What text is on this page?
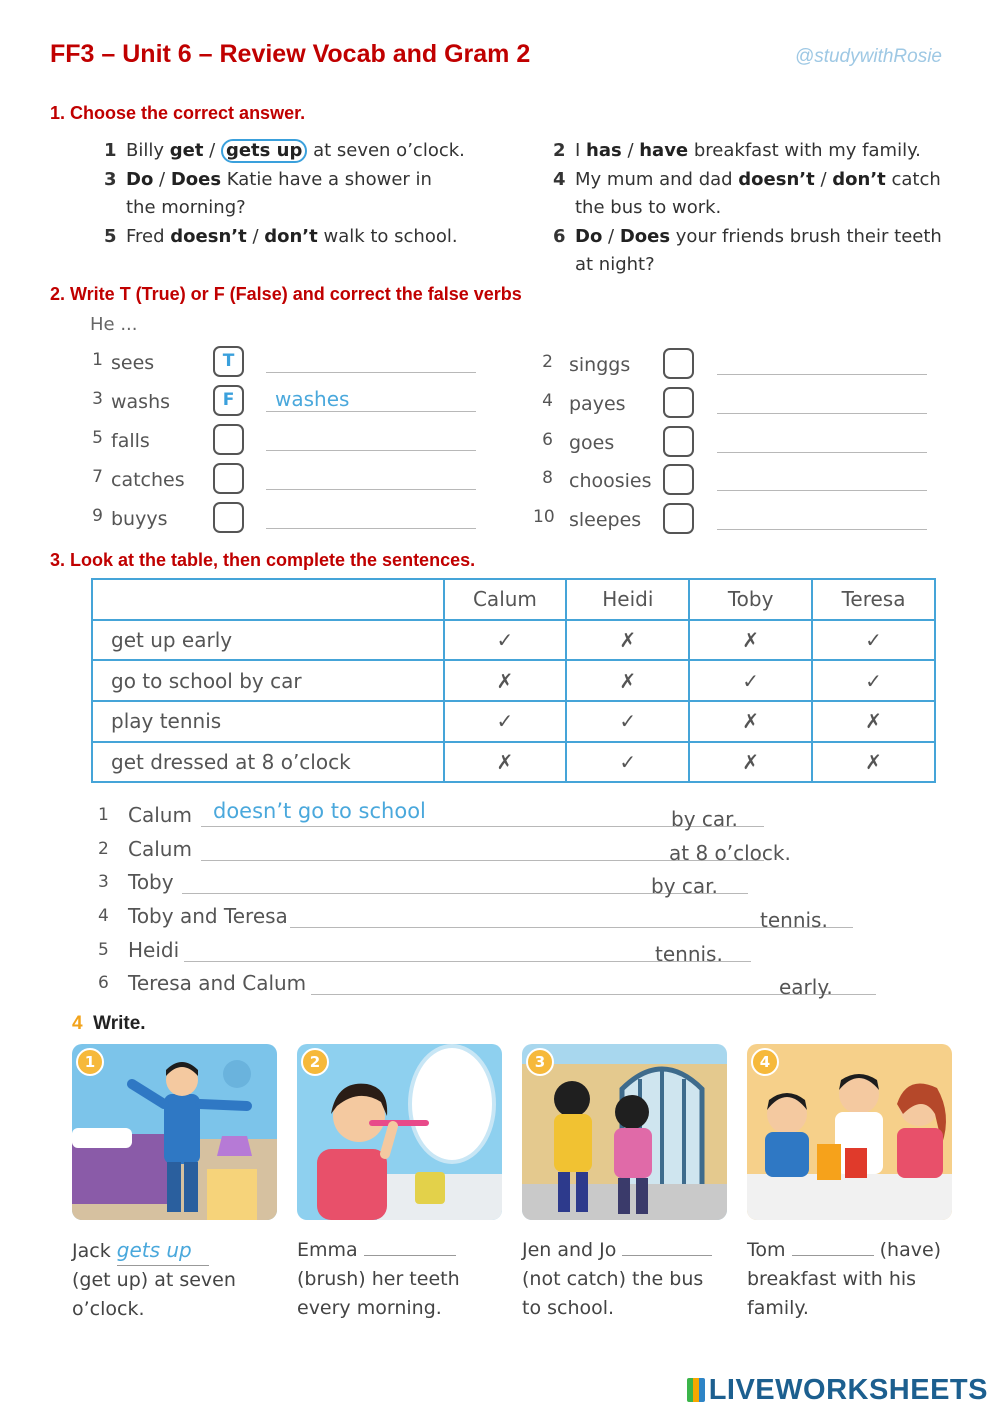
FF3 – Unit 6 – Review Vocab and Gram 2	@studywithRosie
1. Choose the correct answer.
1 Billy get / gets up at seven o’clock.	2 I has / have breakfast with my family.
3 Do / Does Katie have a shower in
the morning?
4 My mum and dad doesn’t / don’t catch
the bus to work.
5 Fred doesn’t / don’t walk to school.	6 Do / Does your friends brush their teeth
at night?
2. Write T (True) or F (False) and correct the false verbs
He ...
1 sees	T
3 washs	F	washes
5 falls
7 catches
9 buyys
2 singgs
4 payes
6 goes
8 choosies
10 sleepes
3. Look at the table, then complete the sentences.
	Calum	Heidi	Toby	Teresa
get up early	✓	✗	✗	✓
go to school by car	✗	✗	✓	✓
play tennis	✓	✓	✗	✗
get dressed at 8 o’clock	✗	✓	✗	✗
1 Calum doesn’t go to school	by car.
2 Calum	at 8 o’clock.
3 Toby	by car.
4 Toby and Teresa	tennis.
5 Heidi	tennis.
6 Teresa and Calum	early.
4 Write.
1	2	3	4
Jack gets up
(get up) at seven
o’clock.
Emma
(brush) her teeth
every morning.
Jen and Jo
(not catch) the bus
to school.
Tom	(have)
breakfast with his
family.
LIVEWORKSHEETS
